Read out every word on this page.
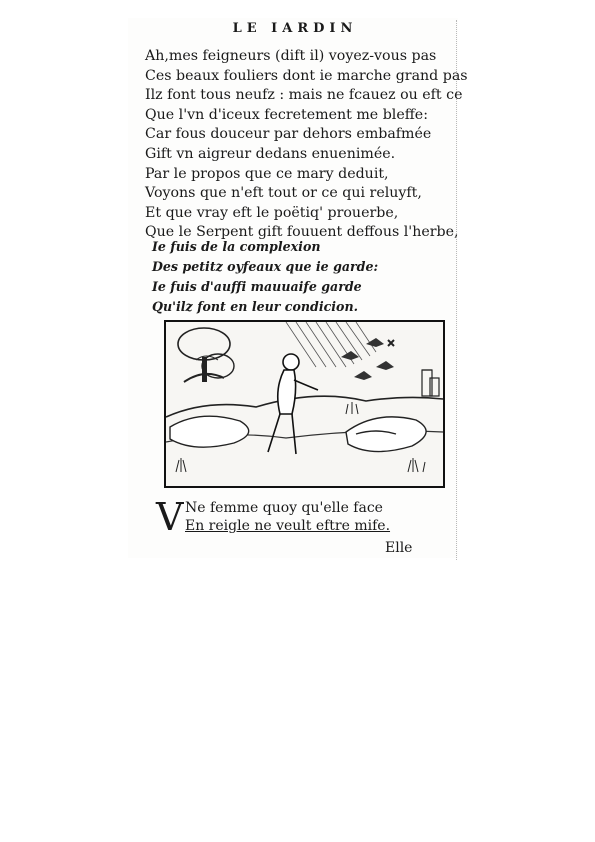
LE IARDIN
Ah,mes feigneurs (dift il) voyez-vous pas
Ces beaux fouliers dont ie marche grand pas
Ilz font tous neufz : mais ne fcauez ou eft ce
Que l'vn d'iceux fecretement me bleffe:
Car fous douceur par dehors embafmée
Gift vn aigreur dedans enuenimée.
Par le propos que ce mary deduit,
Voyons que n'eft tout or ce qui reluyft,
Et que vray eft le poëtiq' prouerbe,
Que le Serpent gift fouuent deffous l'herbe,
Ie fuis de la complexion
Des petitz oyfeaux que ie garde:
Ie fuis d'auffi mauuaife garde
Qu'ilz font en leur condicion.
V Ne femme quoy qu'elle face
En reigle ne veult eftre mife.
Elle
